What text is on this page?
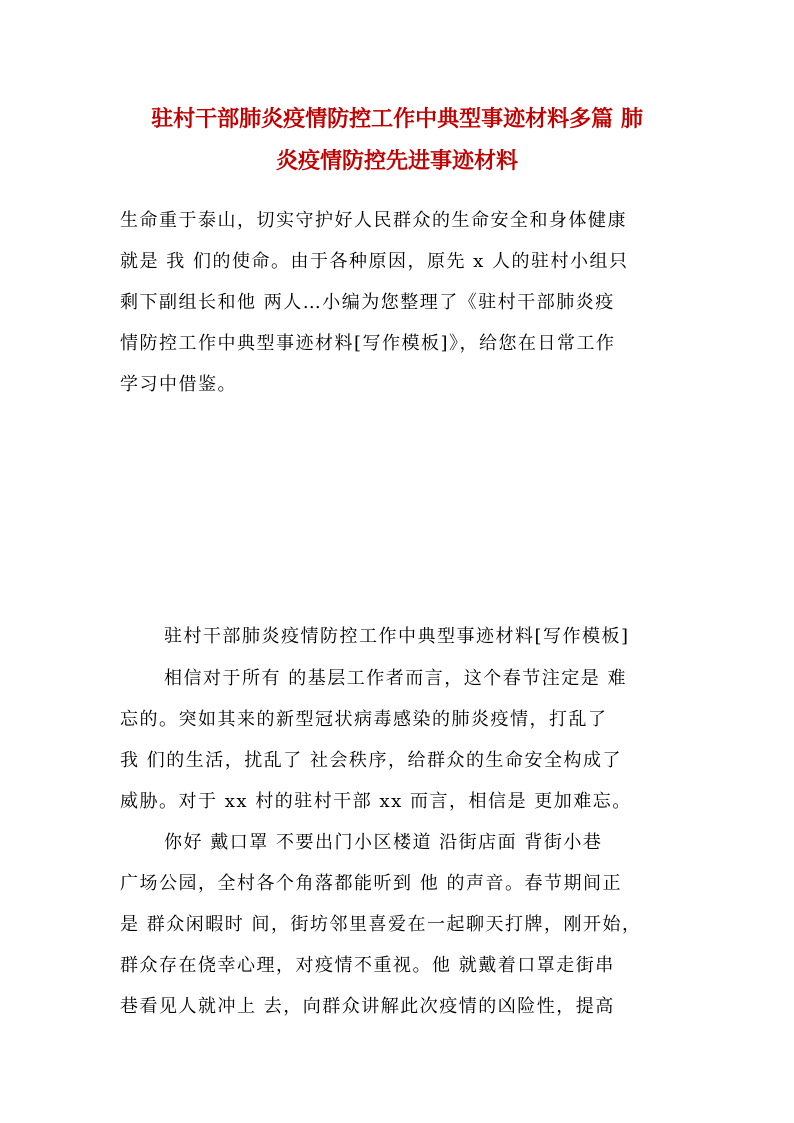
驻村干部肺炎疫情防控工作中典型事迹材料多篇 肺
炎疫情防控先进事迹材料
生命重于泰山，切实守护好人民群众的生命安全和身体健康
就是 我 们的使命。由于各种原因，原先 x 人的驻村小组只
剩下副组长和他 两人…小编为您整理了《驻村干部肺炎疫
情防控工作中典型事迹材料[写作模板]》，给您在日常工作
学习中借鉴。
驻村干部肺炎疫情防控工作中典型事迹材料[写作模板]
相信对于所有 的基层工作者而言，这个春节注定是 难
忘的。突如其来的新型冠状病毒感染的肺炎疫情，打乱了
我 们的生活，扰乱了 社会秩序，给群众的生命安全构成了
威胁。对于 xx 村的驻村干部 xx 而言，相信是 更加难忘。
你好 戴口罩 不要出门小区楼道 沿街店面 背街小巷
广场公园，全村各个角落都能听到 他 的声音。春节期间正
是 群众闲暇时 间，街坊邻里喜爱在一起聊天打牌，刚开始，
群众存在侥幸心理，对疫情不重视。他 就戴着口罩走街串
巷看见人就冲上 去，向群众讲解此次疫情的凶险性，提高
